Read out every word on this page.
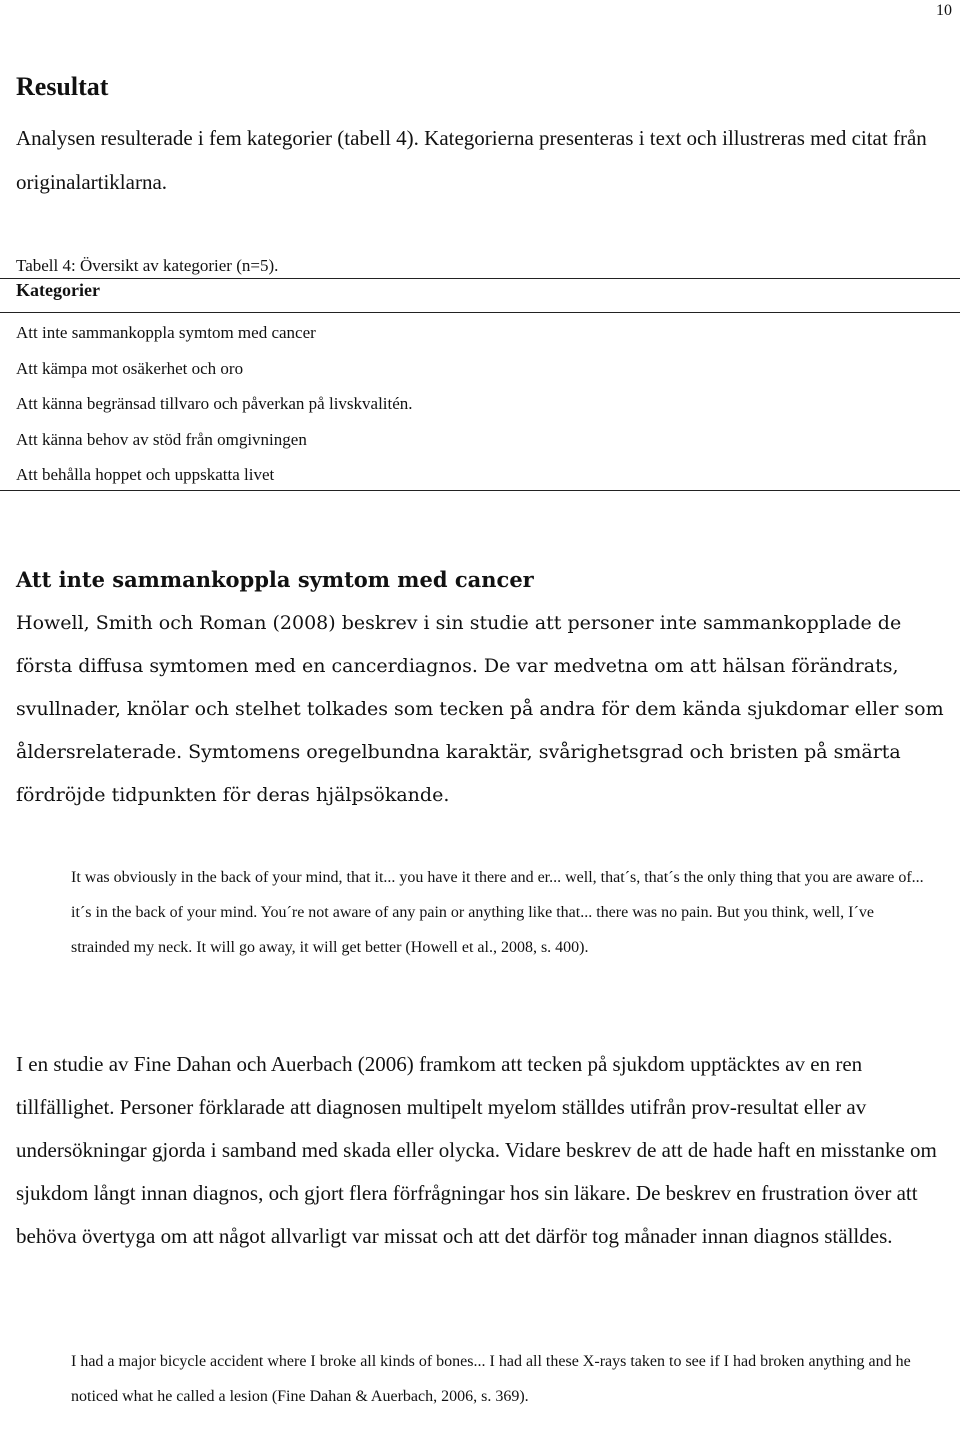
10
Resultat

Analysen resulterade i fem kategorier (tabell 4). Kategorierna presenteras i text och illustreras med citat från originalartiklarna.

Tabell 4: Översikt av kategorier (n=5).

Kategorier
Att inte sammankoppla symtom med cancer
Att kämpa mot osäkerhet och oro
Att känna begränsad tillvaro och påverkan på livskvalitén.
Att känna behov av stöd från omgivningen
Att behålla hoppet och uppskatta livet
Att inte sammankoppla symtom med cancer

Howell, Smith och Roman (2008) beskrev i sin studie att personer inte sammankopplade de första diffusa symtomen med en cancerdiagnos. De var medvetna om att hälsan förändrats, svullnader, knölar och stelhet tolkades som tecken på andra för dem kända sjukdomar eller som åldersrelaterade. Symtomens oregelbundna karaktär, svårighetsgrad och bristen på smärta fördröjde tidpunkten för deras hjälpsökande.

It was obviously in the back of your mind, that it... you have it there and er... well, that´s, that´s the only thing that you are aware of... it´s in the back of your mind. You´re not aware of any pain or anything like that... there was no pain. But you think, well, I´ve strainded my neck. It will go away, it will get better (Howell et al., 2008, s. 400).

I en studie av Fine Dahan och Auerbach (2006) framkom att tecken på sjukdom upptäcktes av en ren tillfällighet. Personer förklarade att diagnosen multipelt myelom ställdes utifrån prov-resultat eller av undersökningar gjorda i samband med skada eller olycka. Vidare beskrev de att de hade haft en misstanke om sjukdom långt innan diagnos, och gjort flera förfrågningar hos sin läkare. De beskrev en frustration över att behöva övertyga om att något allvarligt var missat och att det därför tog månader innan diagnos ställdes.

I had a major bicycle accident where I broke all kinds of bones... I had all these X-rays taken to see if I had broken anything and he noticed what he called a lesion (Fine Dahan & Auerbach, 2006, s. 369).
